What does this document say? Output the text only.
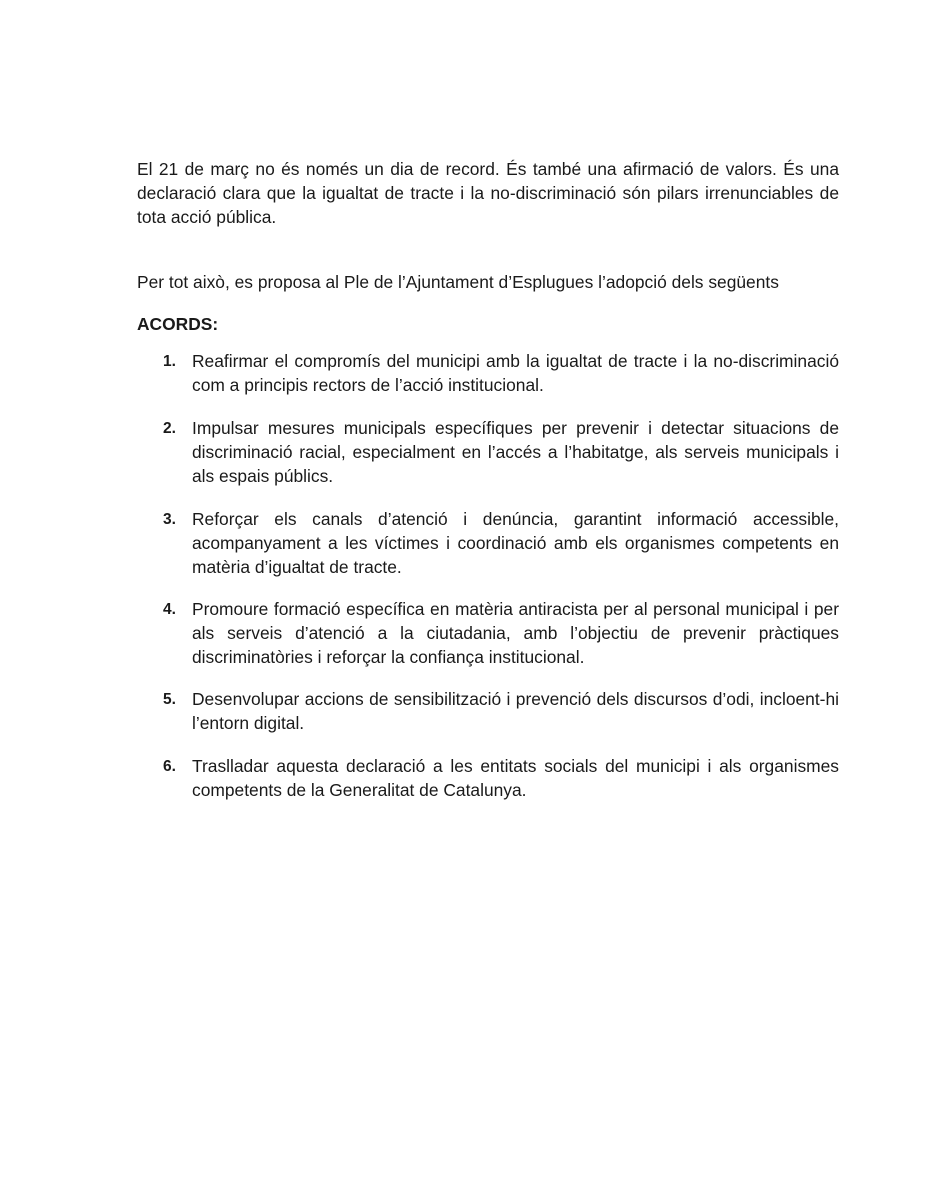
El 21 de març no és només un dia de record. És també una afirmació de valors. És una declaració clara que la igualtat de tracte i la no-discriminació són pilars irrenunciables de tota acció pública.

Per tot això, es proposa al Ple de l’Ajuntament d’Esplugues l’adopció dels següents

ACORDS:

1. Reafirmar el compromís del municipi amb la igualtat de tracte i la no-discriminació com a principis rectors de l’acció institucional.

2. Impulsar mesures municipals específiques per prevenir i detectar situacions de discriminació racial, especialment en l’accés a l’habitatge, als serveis municipals i als espais públics.

3. Reforçar els canals d’atenció i denúncia, garantint informació accessible, acompanyament a les víctimes i coordinació amb els organismes competents en matèria d’igualtat de tracte.

4. Promoure formació específica en matèria antiracista per al personal municipal i per als serveis d’atenció a la ciutadania, amb l’objectiu de prevenir pràctiques discriminatòries i reforçar la confiança institucional.

5. Desenvolupar accions de sensibilització i prevenció dels discursos d’odi, incloent-hi l’entorn digital.

6. Traslladar aquesta declaració a les entitats socials del municipi i als organismes competents de la Generalitat de Catalunya.
